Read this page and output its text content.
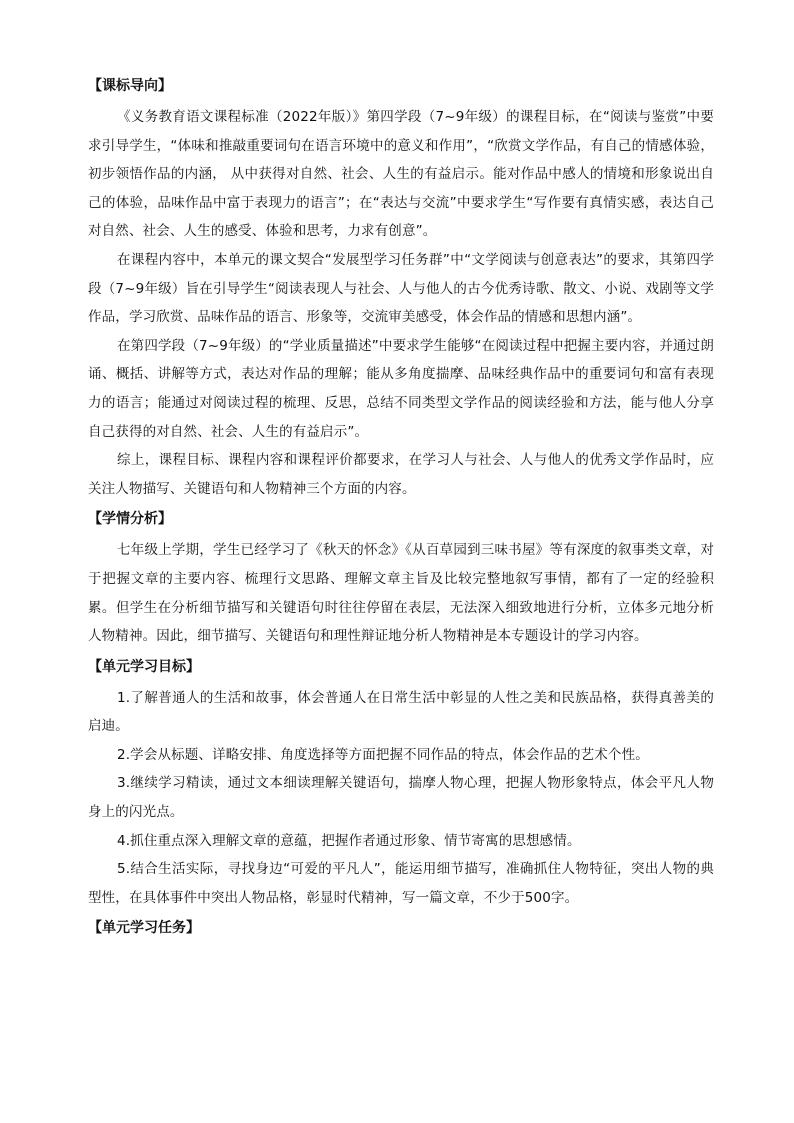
【课标导向】

《义务教育语文课程标准（2022年版）》第四学段（7~9年级）的课程目标，在“阅读与鉴赏”中要求引导学生，“体味和推敲重要词句在语言环境中的意义和作用”，“欣赏文学作品，有自己的情感体验，初步领悟作品的内涵， 从中获得对自然、社会、人生的有益启示。能对作品中感人的情境和形象说出自己的体验，品味作品中富于表现力的语言”；在“表达与交流”中要求学生“写作要有真情实感，表达自己对自然、社会、人生的感受、体验和思考，力求有创意”。

在课程内容中，本单元的课文契合“发展型学习任务群”中“文学阅读与创意表达”的要求，其第四学段（7~9年级）旨在引导学生“阅读表现人与社会、人与他人的古今优秀诗歌、散文、小说、戏剧等文学作品，学习欣赏、品味作品的语言、形象等，交流审美感受，体会作品的情感和思想内涵”。

在第四学段（7~9年级）的“学业质量描述”中要求学生能够“在阅读过程中把握主要内容，并通过朗诵、概括、讲解等方式，表达对作品的理解；能从多角度揣摩、品味经典作品中的重要词句和富有表现力的语言；能通过对阅读过程的梳理、反思，总结不同类型文学作品的阅读经验和方法，能与他人分享自己获得的对自然、社会、人生的有益启示”。

综上，课程目标、课程内容和课程评价都要求，在学习人与社会、人与他人的优秀文学作品时，应关注人物描写、关键语句和人物精神三个方面的内容。

【学情分析】

七年级上学期，学生已经学习了《秋天的怀念》《从百草园到三味书屋》等有深度的叙事类文章，对于把握文章的主要内容、梳理行文思路、理解文章主旨及比较完整地叙写事情，都有了一定的经验积累。但学生在分析细节描写和关键语句时往往停留在表层，无法深入细致地进行分析，立体多元地分析人物精神。因此，细节描写、关键语句和理性辩证地分析人物精神是本专题设计的学习内容。

【单元学习目标】

1.了解普通人的生活和故事，体会普通人在日常生活中彰显的人性之美和民族品格，获得真善美的启迪。

2.学会从标题、详略安排、角度选择等方面把握不同作品的特点，体会作品的艺术个性。

3.继续学习精读，通过文本细读理解关键语句，揣摩人物心理，把握人物形象特点，体会平凡人物身上的闪光点。

4.抓住重点深入理解文章的意蕴，把握作者通过形象、情节寄寓的思想感情。

5.结合生活实际，寻找身边“可爱的平凡人”，能运用细节描写，准确抓住人物特征，突出人物的典型性，在具体事件中突出人物品格，彰显时代精神，写一篇文章，不少于500字。

【单元学习任务】
